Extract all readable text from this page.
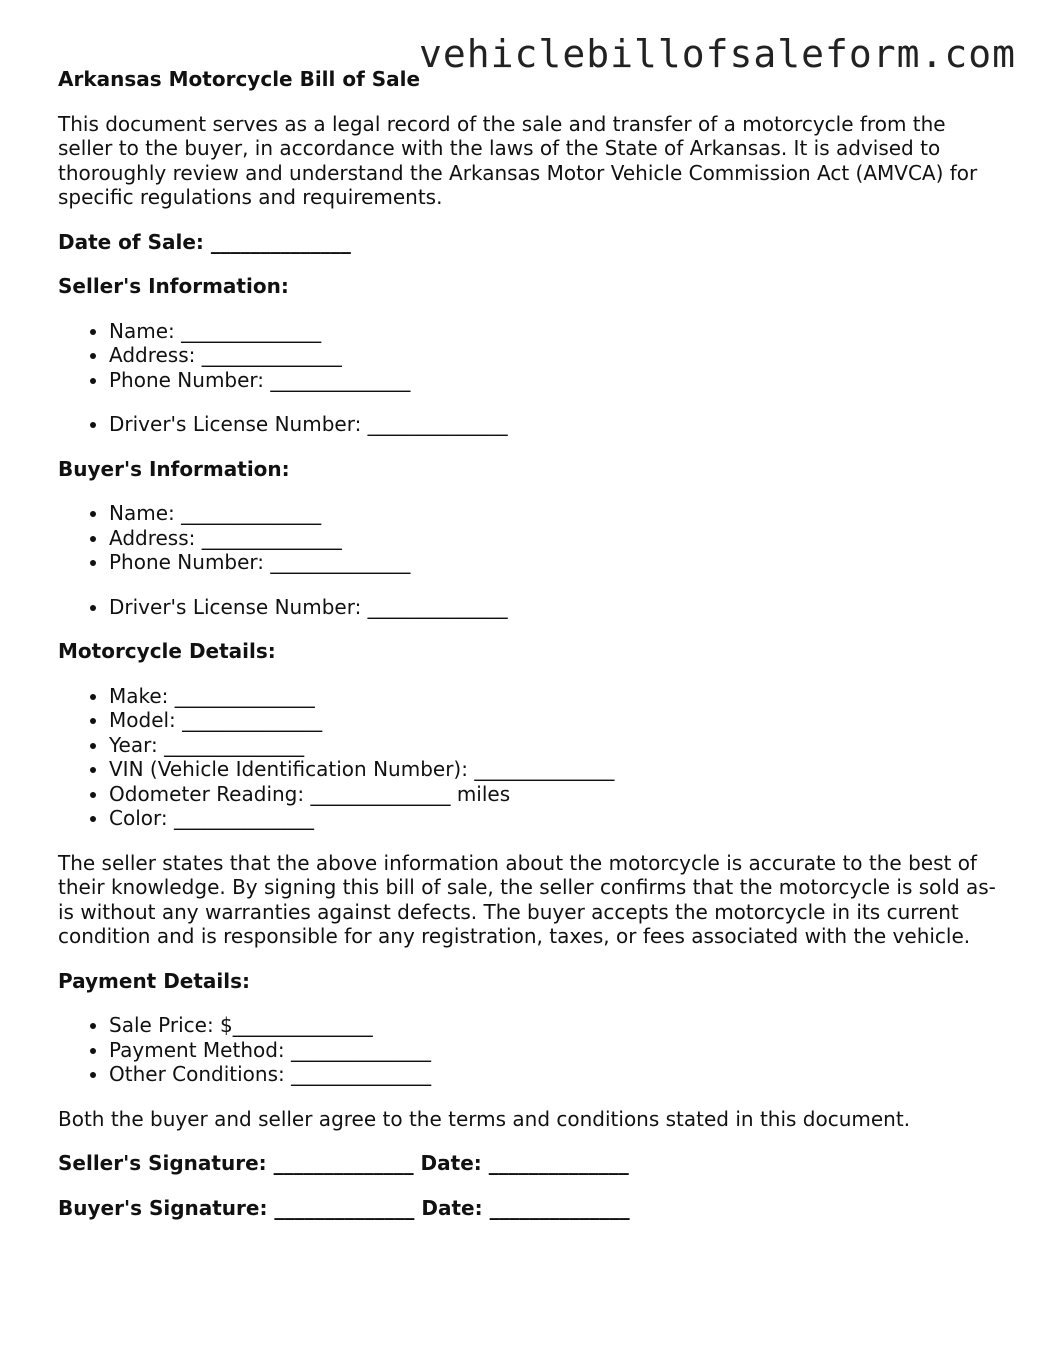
vehiclebillofsaleform.com
Arkansas Motorcycle Bill of Sale

This document serves as a legal record of the sale and transfer of a motorcycle from the seller to the buyer, in accordance with the laws of the State of Arkansas. It is advised to thoroughly review and understand the Arkansas Motor Vehicle Commission Act (AMVCA) for specific regulations and requirements.

Date of Sale: ______________
Seller's Information:
• Name: ______________
• Address: ______________
• Phone Number: ______________
• Driver's License Number: ______________
Buyer's Information:
• Name: ______________
• Address: ______________
• Phone Number: ______________
• Driver's License Number: ______________
Motorcycle Details:
• Make: ______________
• Model: ______________
• Year: ______________
• VIN (Vehicle Identification Number): ______________
• Odometer Reading: ______________ miles
• Color: ______________

The seller states that the above information about the motorcycle is accurate to the best of their knowledge. By signing this bill of sale, the seller confirms that the motorcycle is sold as-is without any warranties against defects. The buyer accepts the motorcycle in its current condition and is responsible for any registration, taxes, or fees associated with the vehicle.

Payment Details:
• Sale Price: $______________
• Payment Method: ______________
• Other Conditions: ______________

Both the buyer and seller agree to the terms and conditions stated in this document.

Seller's Signature: ______________ Date: ______________
Buyer's Signature: ______________ Date: ______________
